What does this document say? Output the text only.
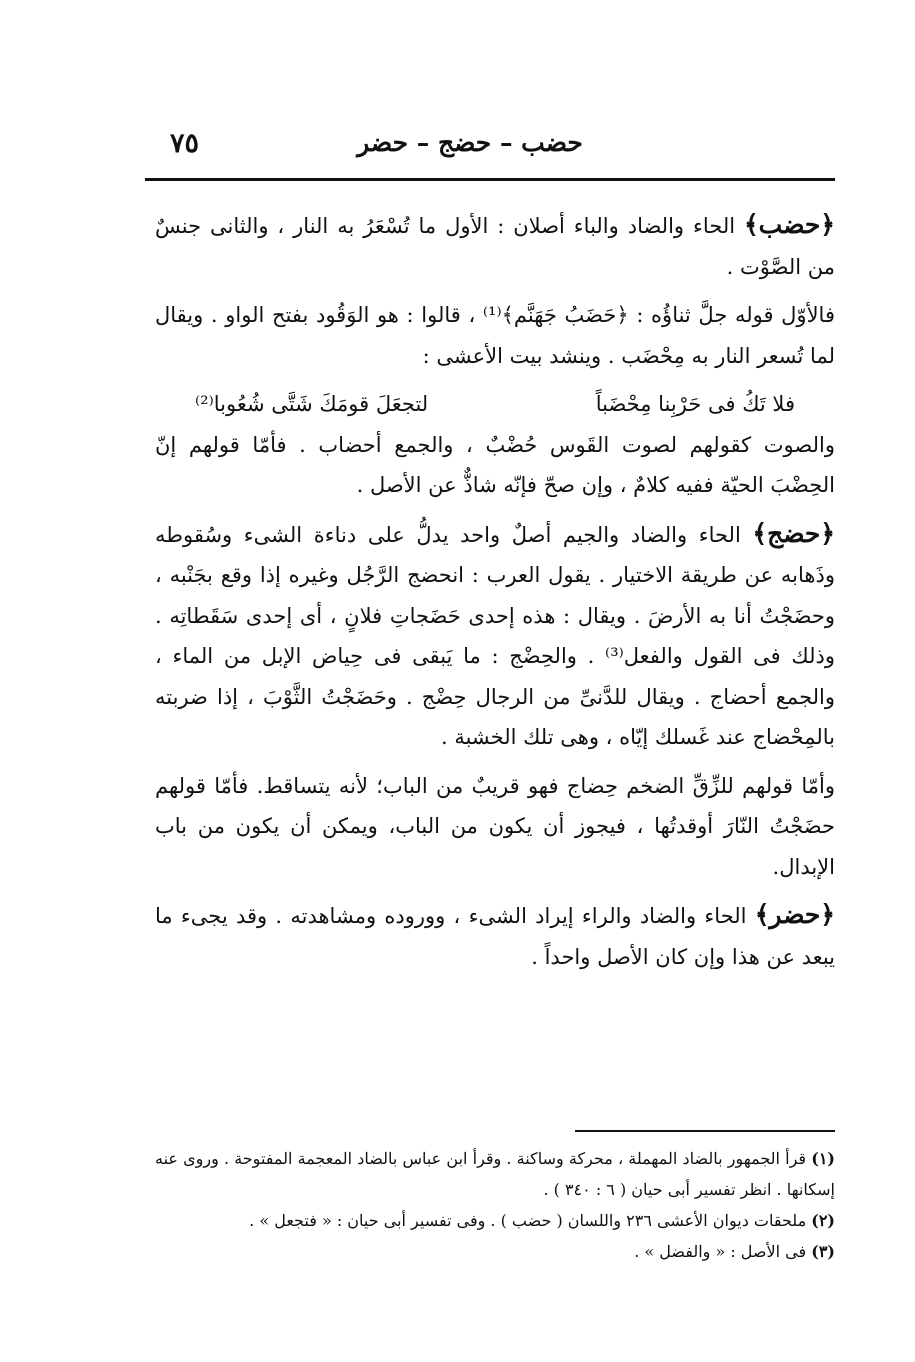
٧٥	حضب – حضج – حضر

﴿حضب﴾ الحاء والضاد والباء أصلان : الأول ما تُسْعَرُ به النار ، والثانى جنسٌ من الصَّوْت .

فالأوّل قوله جلَّ ثناؤُه : ﴿حَضَبُ جَهَنَّم﴾⁽¹⁾ ، قالوا : هو الوَقُود بفتح الواو . ويقال لما تُسعر النار به مِحْضَب . وينشد بيت الأعشى :

فلا تَكُ فى حَرْبِنا مِحْضَباً
لتجعَلَ قومَكَ شَتَّى شُعُوبا⁽²⁾

والصوت كقولهم لصوت القَوس حُضْبٌ ، والجمع أحضاب . فأمّا قولهم إنّ الحِضْبَ الحيّة ففيه كلامٌ ، وإن صحّ فإنّه شاذٌّ عن الأصل .

﴿حضج﴾ الحاء والضاد والجيم أصلٌ واحد يدلُّ على دناءة الشىء وسُقوطه وذَهابه عن طريقة الاختيار . يقول العرب : انحضج الرَّجُل وغيره إذا وقع بجَنْبه ، وحضَجْتُ أنا به الأرضَ . ويقال : هذه إحدى حَضَجاتِ فلانٍ ، أى إحدى سَقَطاتِه . وذلك فى القول والفعل⁽³⁾ . والحِضْج : ما يَبقى فى حِياض الإبل من الماء ، والجمع أحضاج . ويقال للدَّنىِّ من الرجال حِضْج . وحَضَجْتُ الثَّوْبَ ، إذا ضربته بالمِحْضاج عند غَسلك إيّاه ، وهى تلك الخشبة .

وأمّا قولهم للزِّقِّ الضخم حِضاج فهو قريبٌ من الباب؛ لأنه يتساقط. فأمّا قولهم حضَجْتُ النّارَ أوقدتُها ، فيجوز أن يكون من الباب، ويمكن أن يكون من باب الإبدال.

﴿حضر﴾ الحاء والضاد والراء إيراد الشىء ، ووروده ومشاهدته . وقد يجىء ما يبعد عن هذا وإن كان الأصل واحداً .

(١) قرأ الجمهور بالضاد المهملة ، محركة وساكنة . وقرأ ابن عباس بالضاد المعجمة المفتوحة . وروى عنه إسكانها . انظر تفسير أبى حيان ( ٦ : ٣٤٠ ) .

(٢) ملحقات ديوان الأعشى ٢٣٦ واللسان ( حضب ) . وفى تفسير أبى حيان : « فتجعل » .

(٣) فى الأصل : « والفضل » .
